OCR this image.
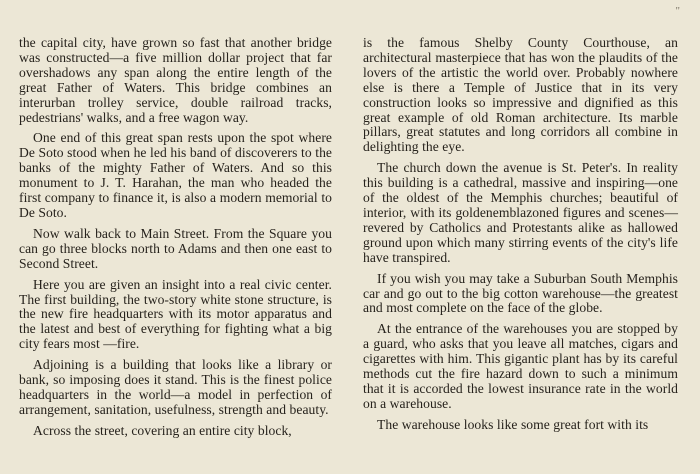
"

the capital city, have grown so fast that another bridge was constructed—a five million dollar project that far overshadows any span along the entire length of the great Father of Waters. This bridge combines an interurban trolley service, double railroad tracks, pedestrians' walks, and a free wagon way.

One end of this great span rests upon the spot where De Soto stood when he led his band of discoverers to the banks of the mighty Father of Waters. And so this monument to J. T. Harahan, the man who headed the first company to finance it, is also a modern memorial to De Soto.

Now walk back to Main Street. From the Square you can go three blocks north to Adams and then one east to Second Street.

Here you are given an insight into a real civic center. The first building, the two-story white stone structure, is the new fire headquarters with its motor apparatus and the latest and best of everything for fighting what a big city fears most —fire.

Adjoining is a building that looks like a library or bank, so imposing does it stand. This is the finest police headquarters in the world—a model in perfection of arrangement, sanitation, usefulness, strength and beauty.

Across the street, covering an entire city block,

is the famous Shelby County Courthouse, an architectural masterpiece that has won the plaudits of the lovers of the artistic the world over. Probably nowhere else is there a Temple of Justice that in its very construction looks so impressive and dignified as this great example of old Roman architecture. Its marble pillars, great statutes and long corridors all combine in delighting the eye.

The church down the avenue is St. Peter's. In reality this building is a cathedral, massive and inspiring—one of the oldest of the Memphis churches; beautiful of interior, with its goldenemblazoned figures and scenes—revered by Catholics and Protestants alike as hallowed ground upon which many stirring events of the city's life have transpired.

If you wish you may take a Suburban South Memphis car and go out to the big cotton warehouse—the greatest and most complete on the face of the globe.

At the entrance of the warehouses you are stopped by a guard, who asks that you leave all matches, cigars and cigarettes with him. This gigantic plant has by its careful methods cut the fire hazard down to such a minimum that it is accorded the lowest insurance rate in the world on a warehouse.

The warehouse looks like some great fort with its
